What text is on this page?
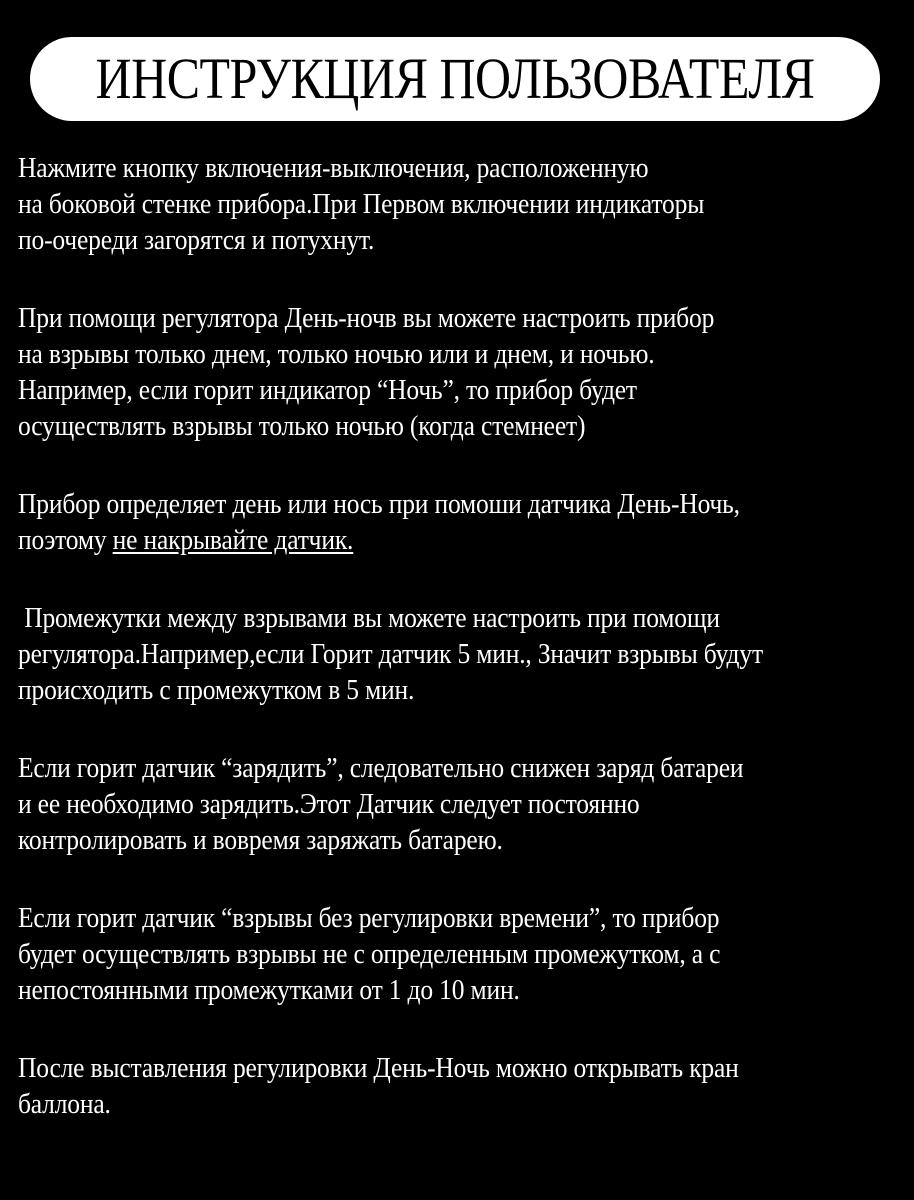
ИНСТРУКЦИЯ ПОЛЬЗОВАТЕЛЯ
Нажмите кнопку включения-выключения, расположенную
на боковой стенке прибора.При Первом включении индикаторы
по-очереди загорятся и потухнут.
При помощи регулятора День-ночв вы можете настроить прибор
на взрывы только днем, только ночью или и днем, и ночью.
Например, если горит индикатор “Ночь”, то прибор будет
осуществлять взрывы только ночью (когда стемнеет)
Прибор определяет день или нось при помоши датчика День-Ночь,
поэтому не накрывайте датчик.
Промежутки между взрывами вы можете настроить при помощи
регулятора.Например,если Горит датчик 5 мин., Значит взрывы будут
происходить с промежутком в 5 мин.
Если горит датчик “зарядить”, следовательно снижен заряд батареи
и ее необходимо зарядить.Этот Датчик следует постоянно
контролировать и вовремя заряжать батарею.
Если горит датчик “взрывы без регулировки времени”, то прибор
будет осуществлять взрывы не с определенным промежутком, а с
непостоянными промежутками от 1 до 10 мин.
После выставления регулировки День-Ночь можно открывать кран
баллона.
